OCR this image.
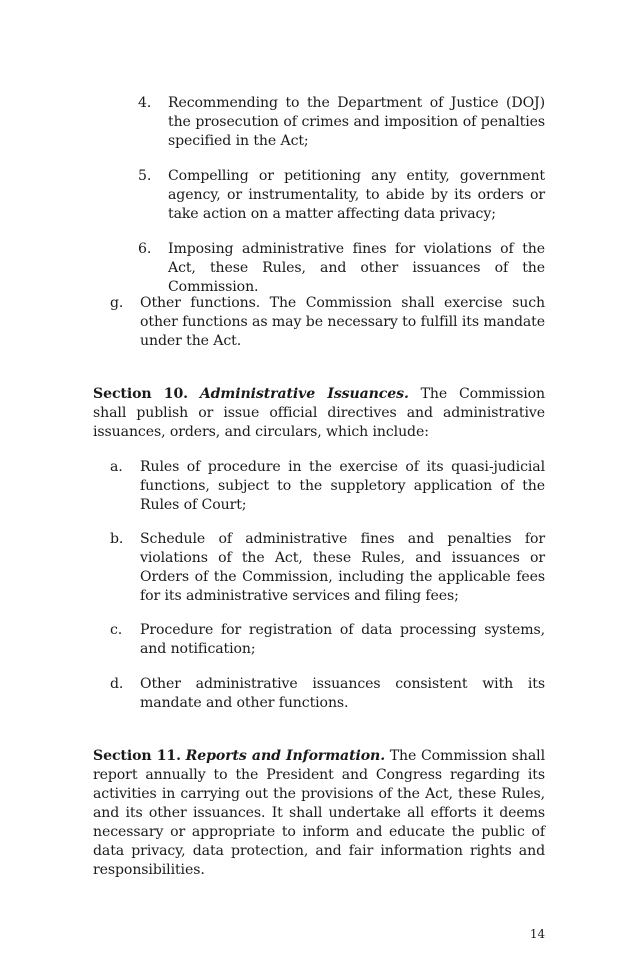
4. Recommending to the Department of Justice (DOJ) the prosecution of crimes and imposition of penalties specified in the Act;
5. Compelling or petitioning any entity, government agency, or instrumentality, to abide by its orders or take action on a matter affecting data privacy;
6. Imposing administrative fines for violations of the Act, these Rules, and other issuances of the Commission.
g. Other functions. The Commission shall exercise such other functions as may be necessary to fulfill its mandate under the Act.
Section 10. Administrative Issuances. The Commission shall publish or issue official directives and administrative issuances, orders, and circulars, which include:
a. Rules of procedure in the exercise of its quasi-judicial functions, subject to the suppletory application of the Rules of Court;
b. Schedule of administrative fines and penalties for violations of the Act, these Rules, and issuances or Orders of the Commission, including the applicable fees for its administrative services and filing fees;
c. Procedure for registration of data processing systems, and notification;
d. Other administrative issuances consistent with its mandate and other functions.
Section 11. Reports and Information. The Commission shall report annually to the President and Congress regarding its activities in carrying out the provisions of the Act, these Rules, and its other issuances. It shall undertake all efforts it deems necessary or appropriate to inform and educate the public of data privacy, data protection, and fair information rights and responsibilities.
14
